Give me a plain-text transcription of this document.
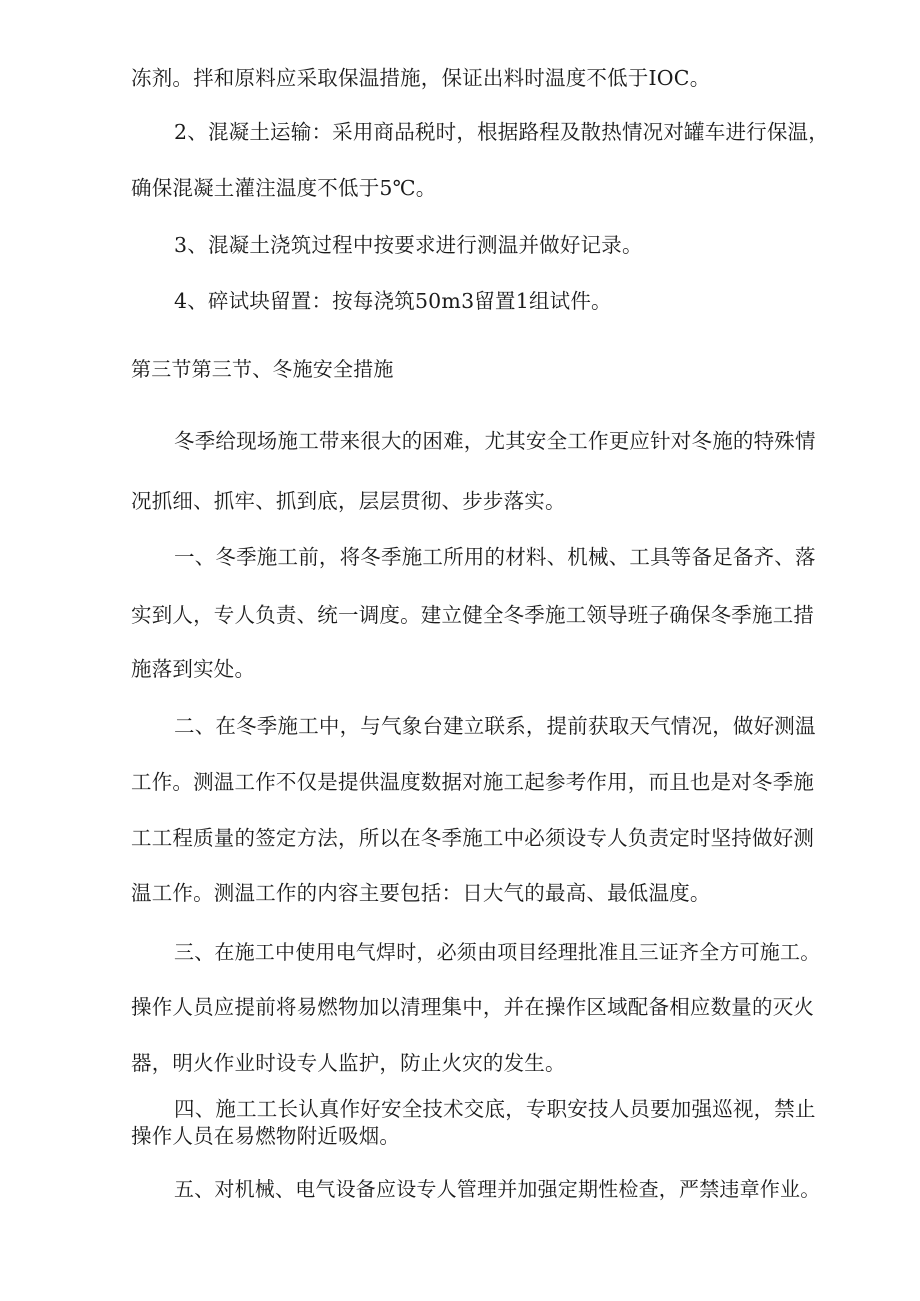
冻剂。拌和原料应采取保温措施，保证出料时温度不低于IOC。
2、混凝土运输：采用商品税时，根据路程及散热情况对罐车进行保温，
确保混凝土灌注温度不低于5℃。
3、混凝土浇筑过程中按要求进行测温并做好记录。
4、碎试块留置：按每浇筑50m3留置1组试件。
第三节第三节、冬施安全措施
冬季给现场施工带来很大的困难，尤其安全工作更应针对冬施的特殊情
况抓细、抓牢、抓到底，层层贯彻、步步落实。
一、冬季施工前，将冬季施工所用的材料、机械、工具等备足备齐、落
实到人，专人负责、统一调度。建立健全冬季施工领导班子确保冬季施工措
施落到实处。
二、在冬季施工中，与气象台建立联系，提前获取天气情况，做好测温
工作。测温工作不仅是提供温度数据对施工起参考作用，而且也是对冬季施
工工程质量的签定方法，所以在冬季施工中必须设专人负责定时坚持做好测
温工作。测温工作的内容主要包括：日大气的最高、最低温度。
三、在施工中使用电气焊时，必须由项目经理批准且三证齐全方可施工。
操作人员应提前将易燃物加以清理集中，并在操作区域配备相应数量的灭火
器，明火作业时设专人监护，防止火灾的发生。
四、施工工长认真作好安全技术交底，专职安技人员要加强巡视，禁止
操作人员在易燃物附近吸烟。
五、对机械、电气设备应设专人管理并加强定期性检查，严禁违章作业。
